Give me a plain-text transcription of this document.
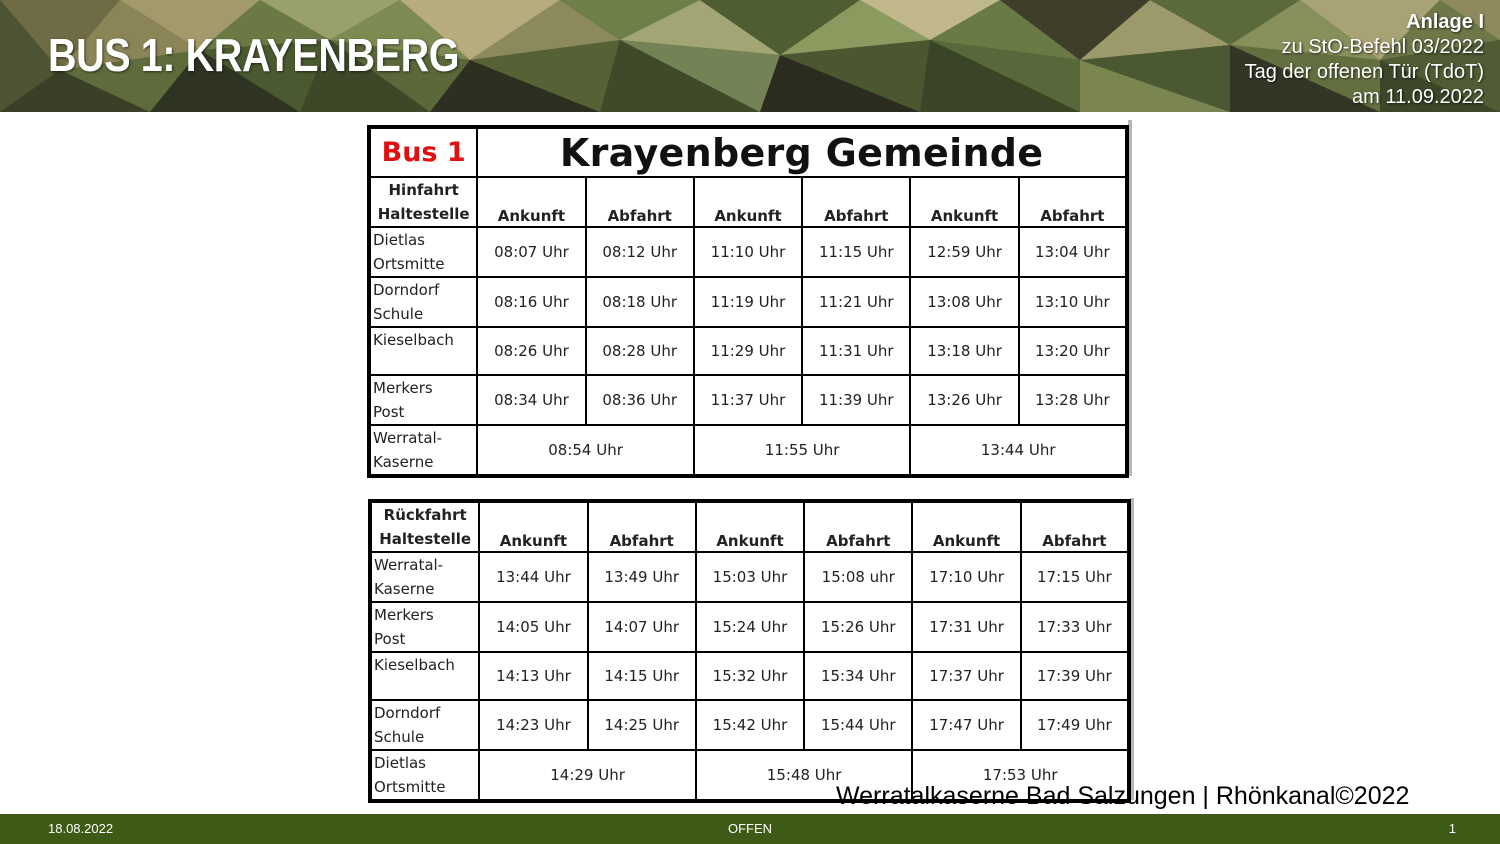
BUS 1: KRAYENBERG
Anlage I
zu StO-Befehl 03/2022
Tag der offenen Tür (TdoT)
am 11.09.2022
Bus 1	Krayenberg Gemeinde					

Hinfahrt
Haltestelle	Ankunft	Abfahrt	Ankunft	Abfahrt	Ankunft	Abfahrt

Dietlas
Ortsmitte	08:07 Uhr	08:12 Uhr	11:10 Uhr	11:15 Uhr	12:59 Uhr	13:04 Uhr

Dorndorf
Schule	08:16 Uhr	08:18 Uhr	11:19 Uhr	11:21 Uhr	13:08 Uhr	13:10 Uhr

Kieselbach	08:26 Uhr	08:28 Uhr	11:29 Uhr	11:31 Uhr	13:18 Uhr	13:20 Uhr

Merkers
Post	08:34 Uhr	08:36 Uhr	11:37 Uhr	11:39 Uhr	13:26 Uhr	13:28 Uhr

Werratal-
Kaserne	08:54 Uhr		11:55 Uhr		13:44 Uhr	
Rückfahrt
Haltestelle	Ankunft	Abfahrt	Ankunft	Abfahrt	Ankunft	Abfahrt

Werratal-
Kaserne	13:44 Uhr	13:49 Uhr	15:03 Uhr	15:08 uhr	17:10 Uhr	17:15 Uhr

Merkers
Post	14:05 Uhr	14:07 Uhr	15:24 Uhr	15:26 Uhr	17:31 Uhr	17:33 Uhr

Kieselbach	14:13 Uhr	14:15 Uhr	15:32 Uhr	15:34 Uhr	17:37 Uhr	17:39 Uhr

Dorndorf
Schule	14:23 Uhr	14:25 Uhr	15:42 Uhr	15:44 Uhr	17:47 Uhr	17:49 Uhr

Dietlas
Ortsmitte	14:29 Uhr		15:48 Uhr		17:53 Uhr	
Werratalkaserne Bad Salzungen | Rhönkanal©2022
18.08.2022	OFFEN	1
